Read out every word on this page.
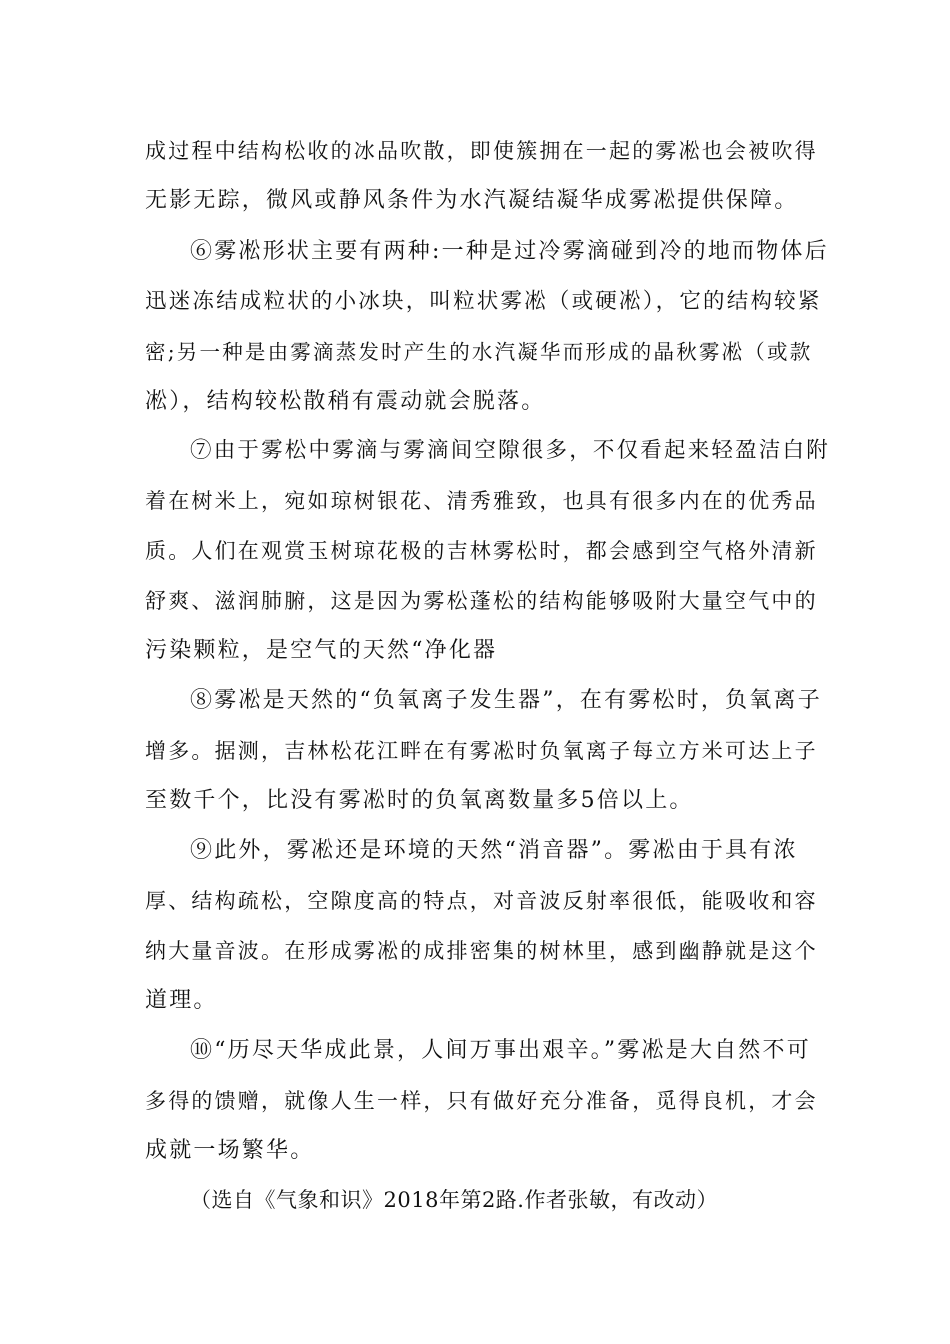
成过程中结构松收的冰品吹散，即使簇拥在一起的雾凇也会被吹得
无影无踪，微风或静风条件为水汽凝结凝华成雾凇提供保障。
⑥雾凇形状主要有两种:一种是过冷雾滴碰到冷的地而物体后
迅迷冻结成粒状的小冰块，叫粒状雾凇（或硬凇），它的结构较紧
密;另一种是由雾滴蒸发时产生的水汽凝华而形成的晶秋雾凇（或款
凇），结构较松散稍有震动就会脱落。
⑦由于雾松中雾滴与雾滴间空隙很多，不仅看起来轻盈洁白附
着在树米上，宛如琼树银花、清秀雅致，也具有很多内在的优秀品
质。人们在观赏玉树琼花极的吉林雾松时，都会感到空气格外清新
舒爽、滋润肺腑，这是因为雾松蓬松的结构能够吸附大量空气中的
污染颗粒，是空气的天然“净化器
⑧雾凇是天然的“负氧离子发生器”，在有雾松时，负氧离子
增多。据测，吉林松花江畔在有雾凇时负氧离子每立方米可达上子
至数千个，比没有雾凇时的负氧离数量多5倍以上。
⑨此外，雾凇还是环境的天然“消音器”。雾凇由于具有浓
厚、结构疏松，空隙度高的特点，对音波反射率很低，能吸收和容
纳大量音波。在形成雾凇的成排密集的树林里，感到幽静就是这个
道理。
⑩“历尽天华成此景，人间万事出艰辛。”雾凇是大自然不可
多得的馈赠，就像人生一样，只有做好充分准备，觅得良机，才会
成就一场繁华。
（选自《气象和识》2018年第2路.作者张敏，有改动）
